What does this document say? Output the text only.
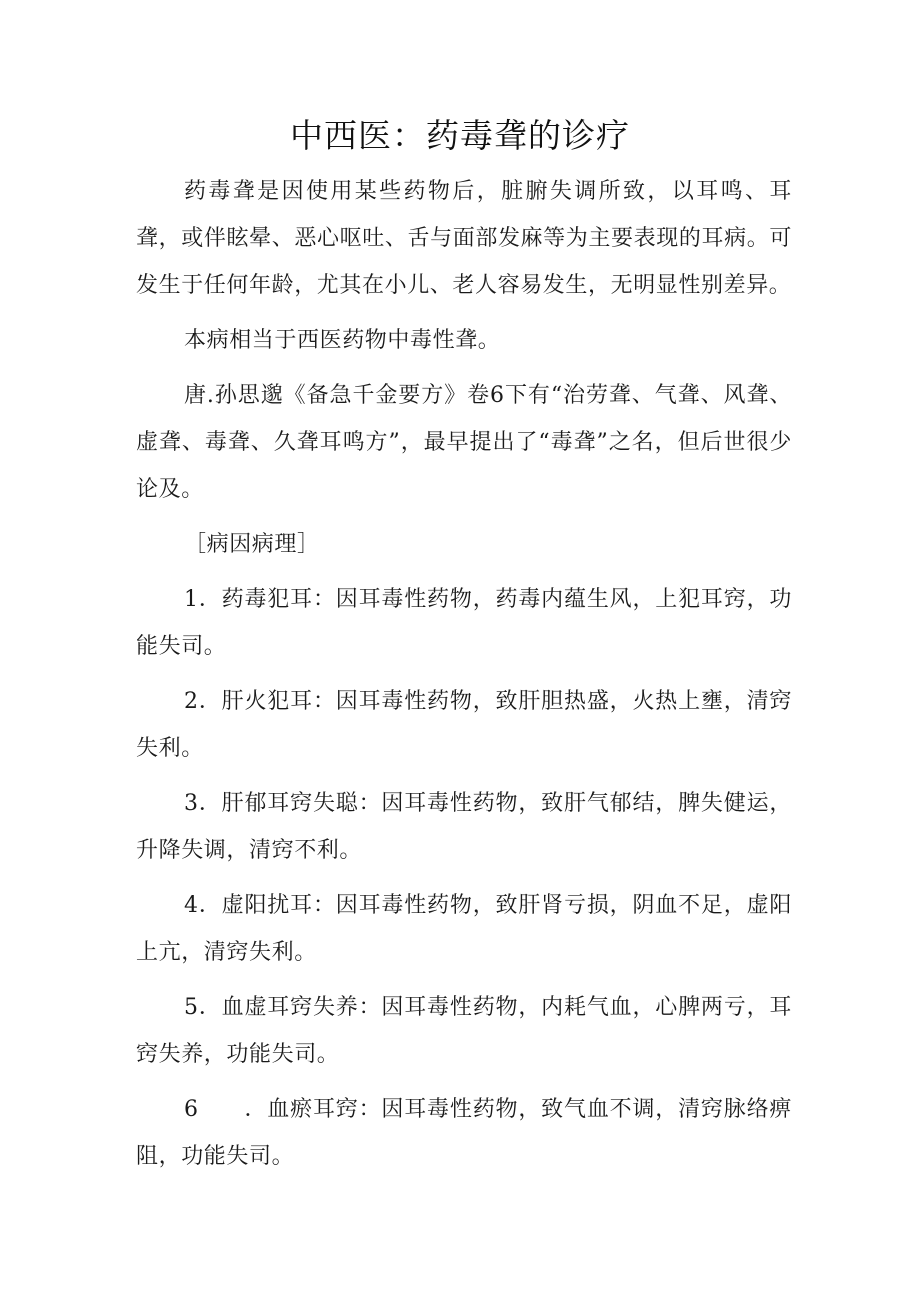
中西医：药毒聋的诊疗

药毒聋是因使用某些药物后，脏腑失调所致，以耳鸣、耳聋，或伴眩晕、恶心呕吐、舌与面部发麻等为主要表现的耳病。可发生于任何年龄，尤其在小儿、老人容易发生，无明显性别差异。

本病相当于西医药物中毒性聋。

唐.孙思邈《备急千金要方》卷6下有“治劳聋、气聋、风聋、虚聋、毒聋、久聋耳鸣方”，最早提出了“毒聋”之名，但后世很少论及。

［病因病理］

1．药毒犯耳：因耳毒性药物，药毒内蕴生风，上犯耳窍，功能失司。

2．肝火犯耳：因耳毒性药物，致肝胆热盛，火热上壅，清窍失利。

3．肝郁耳窍失聪：因耳毒性药物，致肝气郁结，脾失健运，升降失调，清窍不利。

4．虚阳扰耳：因耳毒性药物，致肝肾亏损，阴血不足，虚阳上亢，清窍失利。

5．血虚耳窍失养：因耳毒性药物，内耗气血，心脾两亏，耳窍失养，功能失司。

6　　．血瘀耳窍：因耳毒性药物，致气血不调，清窍脉络痹阻，功能失司。
